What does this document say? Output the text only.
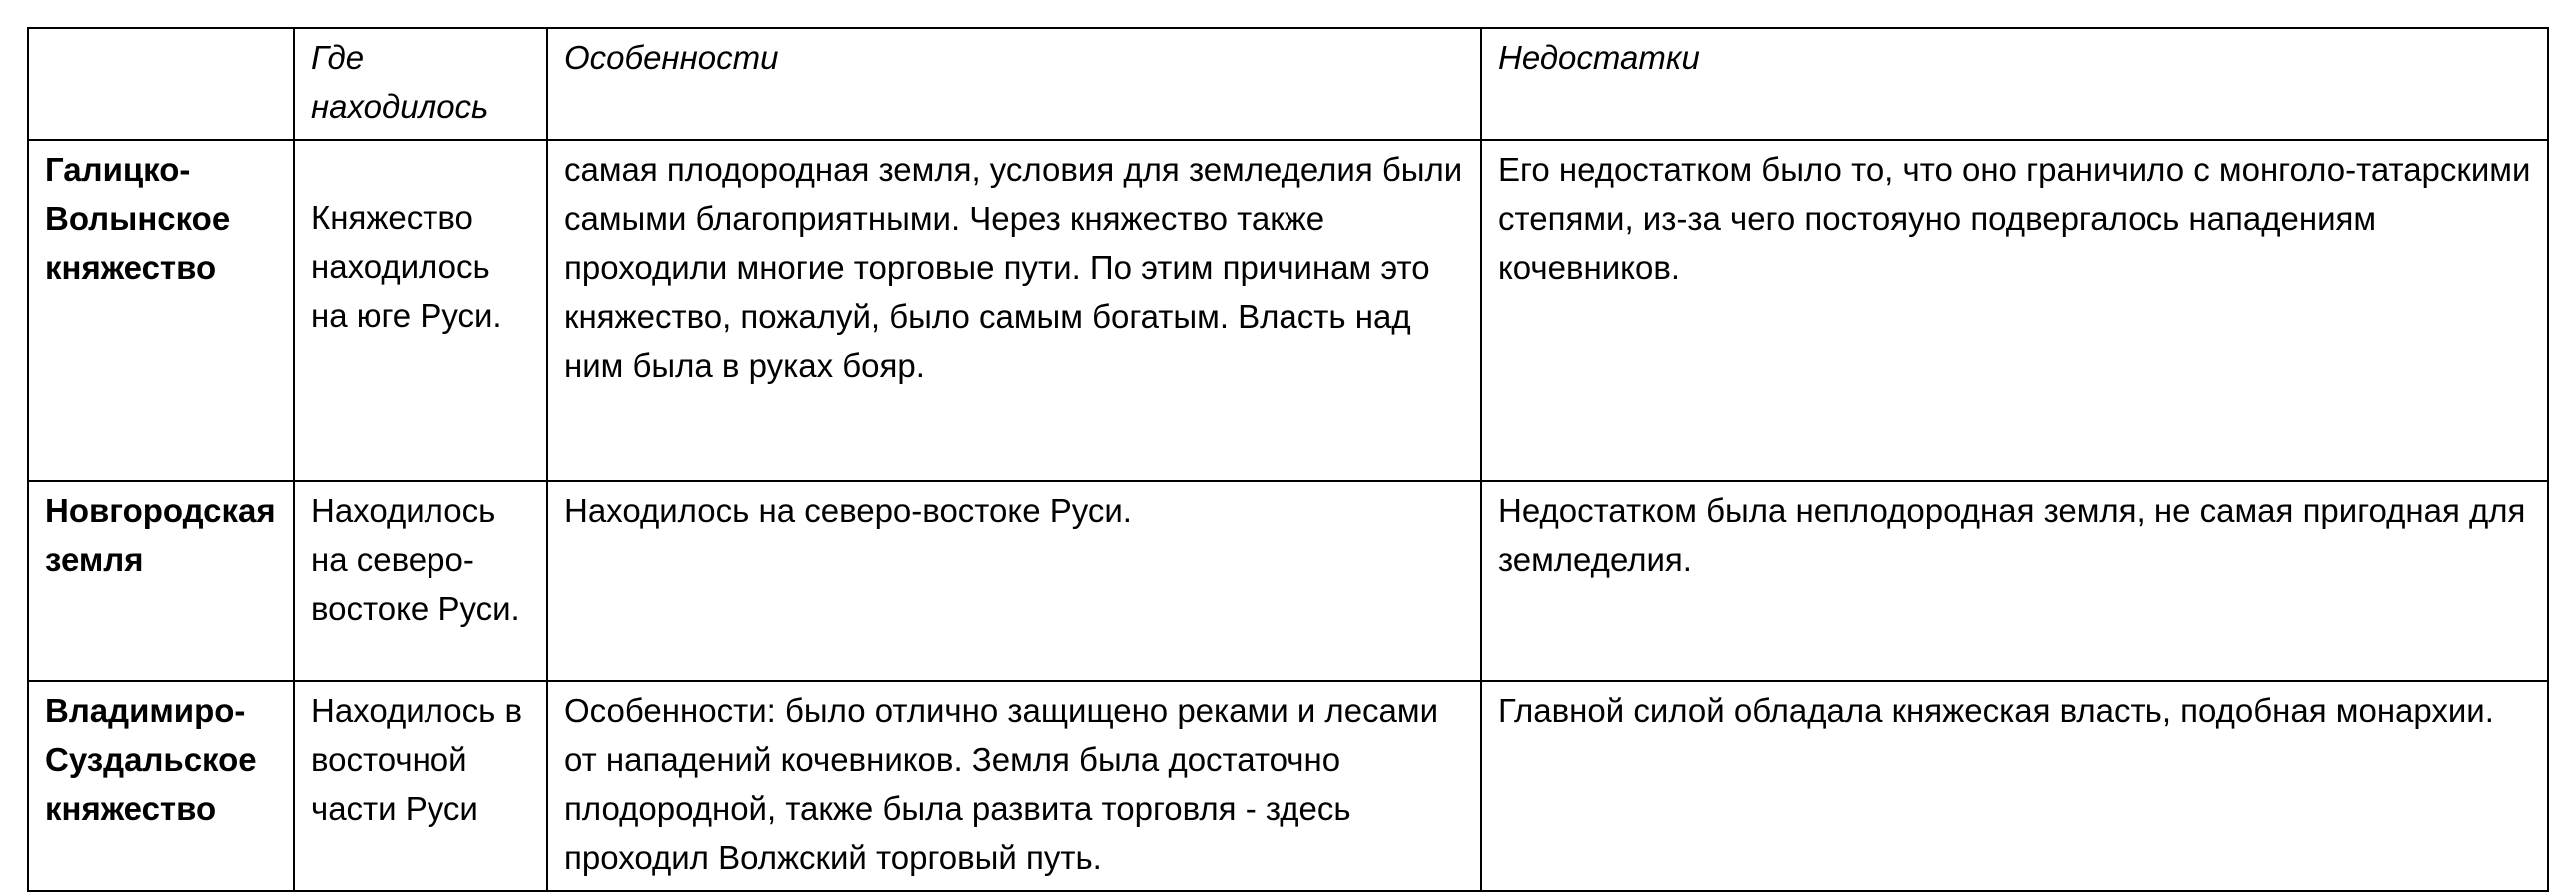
	Где находилось	Особенности	Недостатки
Галицко-Волынское княжество	Княжество находилось на юге Руси.	самая плодородная земля, условия для земледелия были самыми благоприятными. Через княжество также проходили многие торговые пути. По этим причинам это княжество, пожалуй, было самым богатым. Власть над ним была в руках бояр.	Его недостатком было то, что оно граничило с монголо-татарскими степями, из-за чего постояуно подвергалось нападениям кочевников.
Новгородская земля	Находилось на северо-востоке Руси.	Находилось на северо-востоке Руси.	Недостатком была неплодородная земля, не самая пригодная для земледелия.
Владимиро-Суздальское княжество	Находилось в восточной части Руси	Особенности: было отлично защищено реками и лесами от нападений кочевников. Земля была достаточно плодородной, также была развита торговля - здесь проходил Волжский торговый путь.	Главной силой обладала княжеская власть, подобная монархии.
